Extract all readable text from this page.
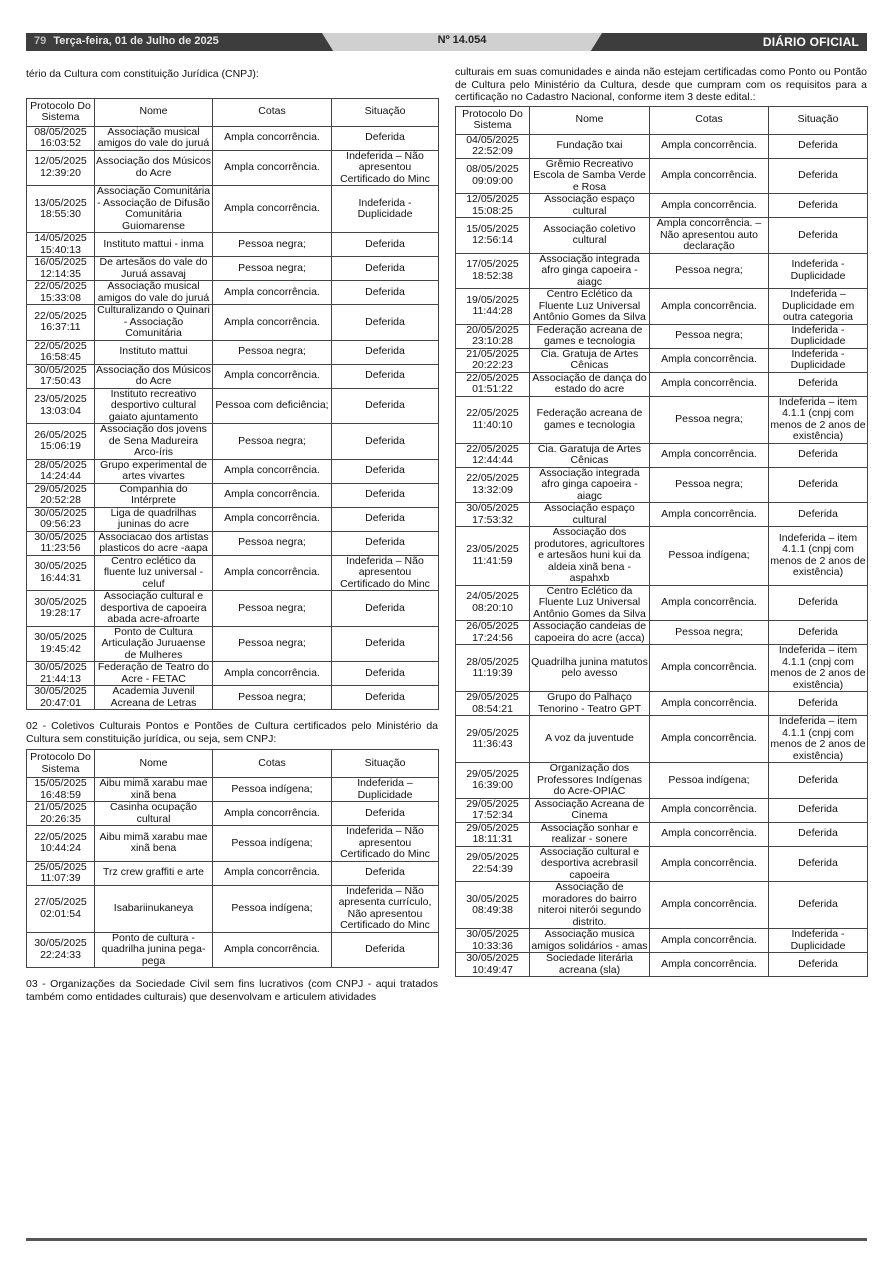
79 Terça-feira, 01 de Julho de 2025	Nº 14.054	DIÁRIO OFICIAL

tério da Cultura com constituição Jurídica (CNPJ):

Protocolo Do Sistema	Nome	Cotas	Situação
08/05/2025 16:03:52	Associação musical amigos do vale do juruá	Ampla concorrência.	Deferida
12/05/2025 12:39:20	Associação dos Músicos do Acre	Ampla concorrência.	Indeferida – Não apresentou Certificado do Minc
13/05/2025 18:55:30	Associação Comunitária - Associação de Difusão Comunitária Guiomarense	Ampla concorrência.	Indeferida - Duplicidade
14/05/2025 15:40:13	Instituto mattui - inma	Pessoa negra;	Deferida
16/05/2025 12:14:35	De artesãos do vale do Juruá assavaj	Pessoa negra;	Deferida
22/05/2025 15:33:08	Associação musical amigos do vale do juruá	Ampla concorrência.	Deferida
22/05/2025 16:37:11	Culturalizando o Quinari - Associação Comunitária	Ampla concorrência.	Deferida
22/05/2025 16:58:45	Instituto mattui	Pessoa negra;	Deferida
30/05/2025 17:50:43	Associação dos Músicos do Acre	Ampla concorrência.	Deferida
23/05/2025 13:03:04	Instituto recreativo desportivo cultural gaiato ajuntamento	Pessoa com deficiência;	Deferida
26/05/2025 15:06:19	Associação dos jovens de Sena Madureira Arco-íris	Pessoa negra;	Deferida
28/05/2025 14:24:44	Grupo experimental de artes vivartes	Ampla concorrência.	Deferida
29/05/2025 20:52:28	Companhia do Intérprete	Ampla concorrência.	Deferida
30/05/2025 09:56:23	Liga de quadrilhas juninas do acre	Ampla concorrência.	Deferida
30/05/2025 11:23:56	Associacao dos artistas plasticos do acre -aapa	Pessoa negra;	Deferida
30/05/2025 16:44:31	Centro eclético da fluente luz universal - celuf	Ampla concorrência.	Indeferida – Não apresentou Certificado do Minc
30/05/2025 19:28:17	Associação cultural e desportiva de capoeira abada acre-afroarte	Pessoa negra;	Deferida
30/05/2025 19:45:42	Ponto de Cultura Articulação Juruaense de Mulheres	Pessoa negra;	Deferida
30/05/2025 21:44:13	Federação de Teatro do Acre - FETAC	Ampla concorrência.	Deferida
30/05/2025 20:47:01	Academia Juvenil Acreana de Letras	Pessoa negra;	Deferida

02 - Coletivos Culturais Pontos e Pontões de Cultura certificados pelo Ministério da Cultura sem constituição jurídica, ou seja, sem CNPJ:

Protocolo Do Sistema	Nome	Cotas	Situação
15/05/2025 16:48:59	Aibu mimã xarabu mae xinã bena	Pessoa indígena;	Indeferida – Duplicidade
21/05/2025 20:26:35	Casinha ocupação cultural	Ampla concorrência.	Deferida
22/05/2025 10:44:24	Aibu mimã xarabu mae xinã bena	Pessoa indígena;	Indeferida – Não apresentou Certificado do Minc
25/05/2025 11:07:39	Trz crew graffiti e arte	Ampla concorrência.	Deferida
27/05/2025 02:01:54	Isabariinukaneya	Pessoa indígena;	Indeferida – Não apresenta currículo, Não apresentou Certificado do Minc
30/05/2025 22:24:33	Ponto de cultura - quadrilha junina pega-pega	Ampla concorrência.	Deferida

03 - Organizações da Sociedade Civil sem fins lucrativos (com CNPJ - aqui tratados também como entidades culturais) que desenvolvam e articulem atividades

culturais em suas comunidades e ainda não estejam certificadas como Ponto ou Pontão de Cultura pelo Ministério da Cultura, desde que cumpram com os requisitos para a certificação no Cadastro Nacional, conforme item 3 deste edital.:

Protocolo Do Sistema	Nome	Cotas	Situação
04/05/2025 22:52:09	Fundação txai	Ampla concorrência.	Deferida
08/05/2025 09:09:00	Grêmio Recreativo Escola de Samba Verde e Rosa	Ampla concorrência.	Deferida
12/05/2025 15:08:25	Associação espaço cultural	Ampla concorrência.	Deferida
15/05/2025 12:56:14	Associação coletivo cultural	Ampla concorrência. – Não apresentou auto declaração	Deferida
17/05/2025 18:52:38	Associação integrada afro ginga capoeira - aiagc	Pessoa negra;	Indeferida - Duplicidade
19/05/2025 11:44:28	Centro Eclético da Fluente Luz Universal Antônio Gomes da Silva	Ampla concorrência.	Indeferida – Duplicidade em outra categoria
20/05/2025 23:10:28	Federação acreana de games e tecnologia	Pessoa negra;	Indeferida - Duplicidade
21/05/2025 20:22:23	Cia. Gratuja de Artes Cênicas	Ampla concorrência.	Indeferida - Duplicidade
22/05/2025 01:51:22	Associação de dança do estado do acre	Ampla concorrência.	Deferida
22/05/2025 11:40:10	Federação acreana de games e tecnologia	Pessoa negra;	Indeferida – item 4.1.1 (cnpj com menos de 2 anos de existência)
22/05/2025 12:44:44	Cia. Garatuja de Artes Cênicas	Ampla concorrência.	Deferida
22/05/2025 13:32:09	Associação integrada afro ginga capoeira - aiagc	Pessoa negra;	Deferida
30/05/2025 17:53:32	Associação espaço cultural	Ampla concorrência.	Deferida
23/05/2025 11:41:59	Associação dos produtores, agricultores e artesãos huni kui da aldeia xinã bena - aspahxb	Pessoa indígena;	Indeferida – item 4.1.1 (cnpj com menos de 2 anos de existência)
24/05/2025 08:20:10	Centro Eclético da Fluente Luz Universal Antônio Gomes da Silva	Ampla concorrência.	Deferida
26/05/2025 17:24:56	Associação candeias de capoeira do acre (acca)	Pessoa negra;	Deferida
28/05/2025 11:19:39	Quadrilha junina matutos pelo avesso	Ampla concorrência.	Indeferida – item 4.1.1 (cnpj com menos de 2 anos de existência)
29/05/2025 08:54:21	Grupo do Palhaço Tenorino - Teatro GPT	Ampla concorrência.	Deferida
29/05/2025 11:36:43	A voz da juventude	Ampla concorrência.	Indeferida – item 4.1.1 (cnpj com menos de 2 anos de existência)
29/05/2025 16:39:00	Organização dos Professores Indígenas do Acre-OPIAC	Pessoa indígena;	Deferida
29/05/2025 17:52:34	Associação Acreana de Cinema	Ampla concorrência.	Deferida
29/05/2025 18:11:31	Associação sonhar e realizar - sonere	Ampla concorrência.	Deferida
29/05/2025 22:54:39	Associação cultural e desportiva acrebrasil capoeira	Ampla concorrência.	Deferida
30/05/2025 08:49:38	Associação de moradores do bairro niteroi niterói segundo distrito.	Ampla concorrência.	Deferida
30/05/2025 10:33:36	Associação musica amigos solidários - amas	Ampla concorrência.	Indeferida - Duplicidade
30/05/2025 10:49:47	Sociedade literária acreana (sla)	Ampla concorrência.	Deferida
